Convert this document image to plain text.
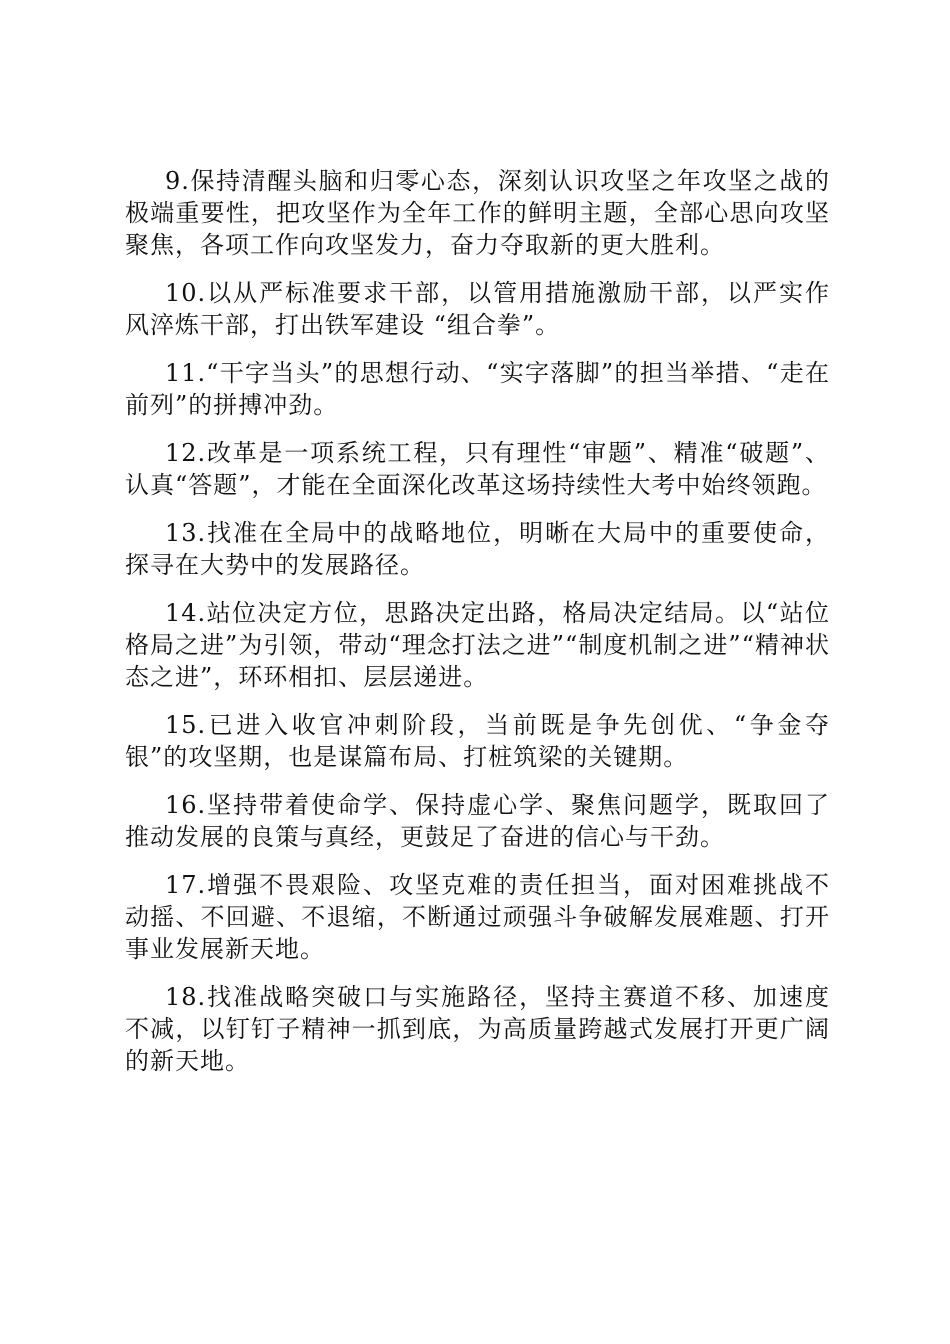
9.保持清醒头脑和归零心态，深刻认识攻坚之年攻坚之战的极端重要性，把攻坚作为全年工作的鲜明主题，全部心思向攻坚聚焦，各项工作向攻坚发力，奋力夺取新的更大胜利。

10.以从严标准要求干部，以管用措施激励干部，以严实作风淬炼干部，打出铁军建设 “组合拳”。

11.“干字当头”的思想行动、“实字落脚”的担当举措、“走在前列”的拼搏冲劲。

12.改革是一项系统工程，只有理性“审题”、精准“破题”、认真“答题”，才能在全面深化改革这场持续性大考中始终领跑。

13.找准在全局中的战略地位，明晰在大局中的重要使命，探寻在大势中的发展路径。

14.站位决定方位，思路决定出路，格局决定结局。以“站位格局之进”为引领，带动“理念打法之进”“制度机制之进”“精神状态之进”，环环相扣、层层递进。

15.已进入收官冲刺阶段，当前既是争先创优、“争金夺银”的攻坚期，也是谋篇布局、打桩筑梁的关键期。

16.坚持带着使命学、保持虚心学、聚焦问题学，既取回了推动发展的良策与真经，更鼓足了奋进的信心与干劲。

17.增强不畏艰险、攻坚克难的责任担当，面对困难挑战不动摇、不回避、不退缩，不断通过顽强斗争破解发展难题、打开事业发展新天地。

18.找准战略突破口与实施路径，坚持主赛道不移、加速度不减，以钉钉子精神一抓到底，为高质量跨越式发展打开更广阔的新天地。
